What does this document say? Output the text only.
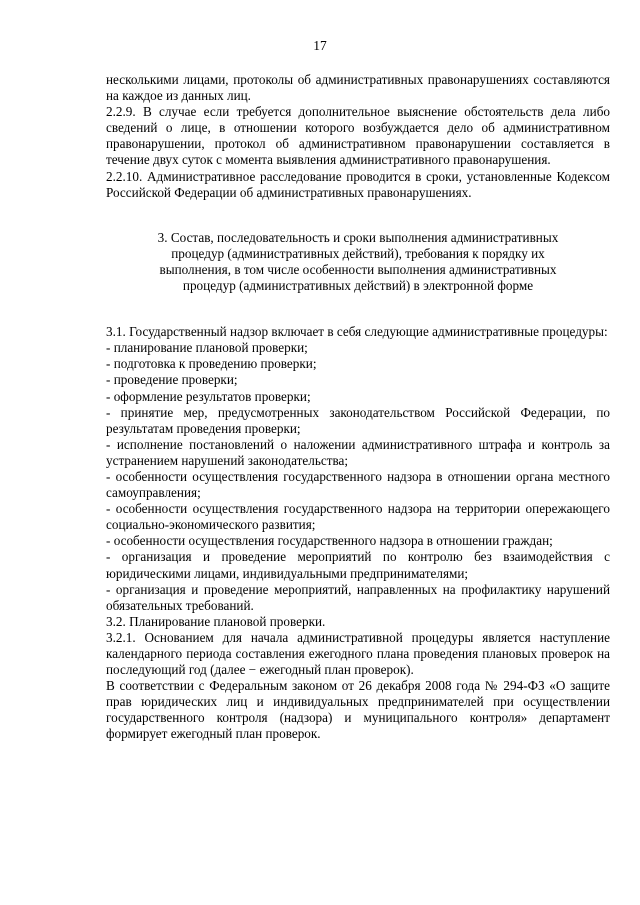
17

несколькими лицами, протоколы об административных правонарушениях составляются на каждое из данных лиц.

2.2.9. В случае если требуется дополнительное выяснение обстоятельств дела либо сведений о лице, в отношении которого возбуждается дело об административном правонарушении, протокол об административном правонарушении составляется в течение двух суток с момента выявления административного правонарушения.

2.2.10. Административное расследование проводится в сроки, установленные Кодексом Российской Федерации об административных правонарушениях.

3. Состав, последовательность и сроки выполнения административных
процедур (административных действий), требования к порядку их
выполнения, в том числе особенности выполнения административных
процедур (административных действий) в электронной форме

3.1. Государственный надзор включает в себя следующие административные процедуры:

- планирование плановой проверки;

- подготовка к проведению проверки;

- проведение проверки;

- оформление результатов проверки;

- принятие мер, предусмотренных законодательством Российской Федерации, по результатам проведения проверки;

- исполнение постановлений о наложении административного штрафа и контроль за устранением нарушений законодательства;

- особенности осуществления государственного надзора в отношении органа местного самоуправления;

- особенности осуществления государственного надзора на территории опережающего социально-экономического развития;

- особенности осуществления государственного надзора в отношении граждан;

- организация и проведение мероприятий по контролю без взаимодействия с юридическими лицами, индивидуальными предпринимателями;

- организация и проведение мероприятий, направленных на профилактику нарушений обязательных требований.

3.2. Планирование плановой проверки.

3.2.1. Основанием для начала административной процедуры является наступление календарного периода составления ежегодного плана проведения плановых проверок на последующий год (далее − ежегодный план проверок).

В соответствии с Федеральным законом от 26 декабря 2008 года № 294-ФЗ «О защите прав юридических лиц и индивидуальных предпринимателей при осуществлении государственного контроля (надзора) и муниципального контроля» департамент формирует ежегодный план проверок.
